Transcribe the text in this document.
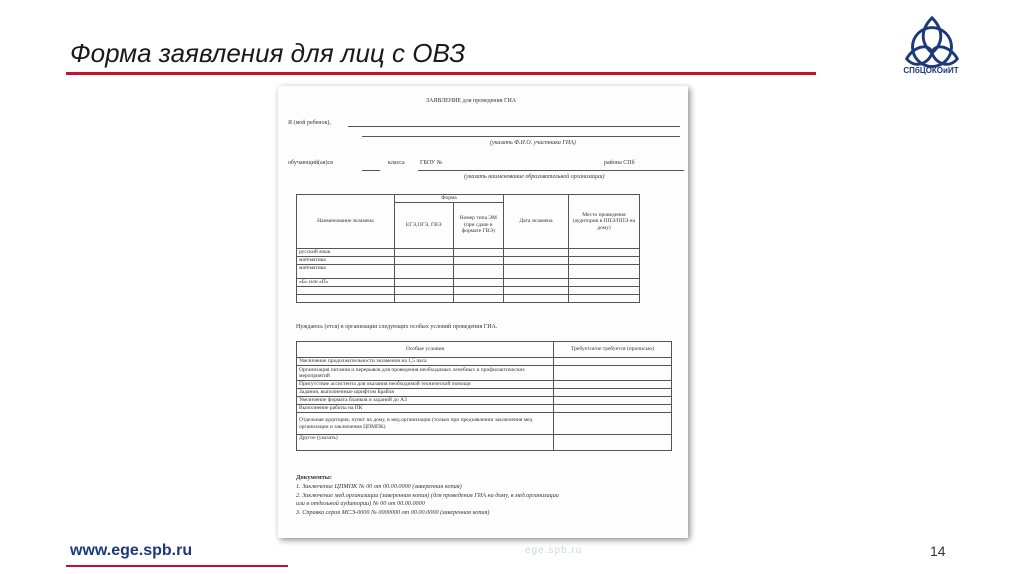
Форма заявления для лиц с ОВЗ
СПбЦОКОиИТ
ЗАЯВЛЕНИЕ для проведения ГИА
Я (мой ребенок),
(указать Ф.И.О. участника ГИА)
обучающий(ая)ся	класса	ГБОУ №	района СПб
(указать наименование образовательной организации)
Наименование экзамена	Форма		Дата экзамена	Место проведения (аудитория в ППЭ/ППЭ на дому)
	ЕГЭ,ОГЭ, ГВЭ	Номер типа ЭМ (при сдаче в формате ГВЭ)		
русский язык				
математика				
математика				
«Б» или «П»				

Нуждаюсь (ется) в организации следующих особых условий проведения ГИА.
Особые условия	Требуется/не требуется (прописью)
Увеличение продолжительности экзаменов на 1,5 часа	
Организация питания и перерывов для проведения необходимых лечебных и профилактических мероприятий	
Присутствие ассистента для оказания необходимой технической помощи	
Задания, выполненные шрифтом Брайля	
Увеличение формата бланков и заданий до А3	
Выполнение работы на ПК	
Отдельная аудитория, пункт на дому, в мед.организации (только при предъявлении заключения мед организации и заключения ЦПМПК)	
Другое (указать)	
Документы:
1. Заключение ЦПМПК № 00 от 00.00.0000 (заверенная копия)
2. Заключение мед.организации (заверенная копия) (для проведения ГИА на дому, в мед.организации
или в отдельной аудитории) № 00 от 00.00.0000
3. Справка серия МСЭ-0000 № 0000000 от 00.00.0000 (заверенная копия)
ege.spb.ru
www.ege.spb.ru	14
